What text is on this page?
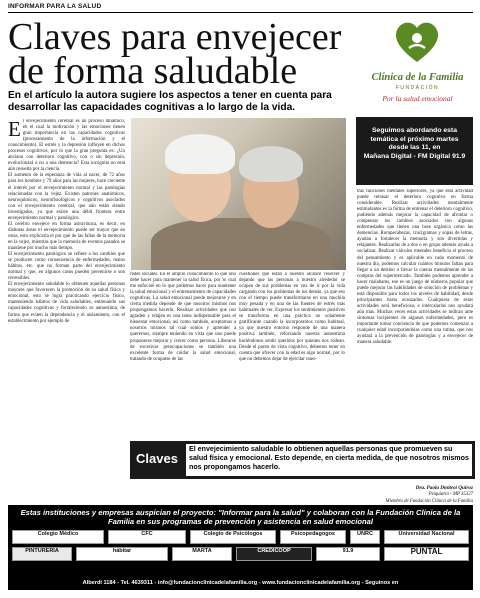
INFORMAR PARA LA SALUD
Claves para envejecer de forma saludable
En el artículo la autora sugiere los aspectos a tener en cuenta para desarrollar las capacidades cognitivas a lo largo de la vida.
Clínica de la Familia
FUNDACIÓN
Por la salud emocional

El envejecimiento cerebral es un proceso dinámico, en el cual la motivación y las emociones tienen gran importancia en las capacidades cognitivas (procesamiento de la información y el conocimiento). El estrés y la depresión influyen en dichos procesos cognitivos, por lo que la gran pregunta es: ¿Un anciano con deterioro cognitivo, con o sin depresión, evolucionará o no a una demencia? Esta incógnita no está aún resuelta por la ciencia.

El aumento de la esperanza de vida al nacer, de 72 años para los hombres y 79 años para las mujeres, hace creciente el interés por el envejecimiento normal y las patologías relacionadas con la vejez. Existen patrones anatómicos, neuroquímicos, neurofisiológicos y cognitivos asociados con el envejecimiento cerebral, que aún están siendo investigados, ya que existe una débil frontera entre envejecimiento normal y patológico.

El cerebro envejece en forma asincrónica, es decir, en distintas áreas el envejecimiento puede ser mayor que en otras, esto explicaría el por qué de las fallas de la memoria en la vejez, mientras que la memoria de eventos pasados se mantiene por mucho más tiempo.

El envejecimiento patológico se refiere a los cambios que se producen como consecuencia de enfermedades, malos hábitos, etc. que no forman parte del envejecimiento normal y que, en algunos casos pueden prevenirse o son reversibles.

El envejecimiento saludable lo obtienen aquellas personas mayores que favorecen la promoción de su salud física y emocional, esto se logra practicando ejercicio físico, manteniendo hábitos de vida saludables, entrenando sus capacidades cognitivas y fortaleciendo su autoestima, de forma que eviten la dependencia y el aislamiento, con el establecimiento por ejemplo de

redes sociales. En el amplio conocimiento lo que uno debe hacer para mantener la salud física, por lo cual me enfocaré en lo que podemos hacer para mantener la salud emocional y el entrenamiento de capacidades cognitivas. La salud emocional puede mejorarse y en cierta medida depende de que nosotros mismos nos propongamos hacerlo. Realizar actividades que nos agraden y relajen es una tarea indispensable para el bienestar emocional, así como también, aceptarnos a nosotros mismos tal cual somos y aprender a querernos, siempre teniendo en vista que uno puede proponerse mejorar y crecer como persona. Liberarse de excesivas preocupaciones se también una excelente forma de cuidar la salud emocional, tratando de ocuparse de las
cuestiones que están a nuestro alcance resolver y dejando que las personas a nuestro alrededor se ocupen de sus problemas en vez de ir por la vida cargando con los problemas de los demás, ya que eso con el tiempo puede transformarse en una mochila muy pesada y en una de las fuentes de estrés más habituales de ver. Expresar los sentimientos positivos se transforma en una práctica no solamente gratificante cuando la incorporamos como habitual, ya que nuestro entorno responde de una manera positiva también, reforzando nuestra autoestima haciéndonos sentir queridos por quienes nos rodean. Desde el punto de vista cognitivo, debemos tener en cuenta que ofrecer con la edad es algo normal, por lo que no debemos dejar de ejercitar nues-
Seguimos abordando esta
temática el próximo martes
desde las 11, en
Mañana Digital - FM Digital 91.9
tras funciones mentales superiores, ya que esta actividad puede retrasar el deterioro cognitivo en forma considerable. Realizar actividades mentalmente estimulantes es la forma de entrenar el deterioro cognitivo, pudiendo además mejorar la capacidad de afrontar o compensar los cambios asociados con algunas enfermedades que tienen una base orgánica como las demencias. Rompecabezas, crucigramas y sopas de letras, ayudan a fortalecer la memoria y son divertidas y relajantes. Realizarlas de a dos o en grupo además ayuda a socializar. Realizar cálculos mentales beneficia el proceso del pensamiento y es aplicable en cada momento de nuestra día, podemos calcular cuántos minutos faltan para llegar a un destino o llevar la cuenta mentalmente de las compras del supermercado. También podemos aprender a hacer malabares, ese es un juego de números popular que puede mejorar las habilidades de solución de problemas y está disponible para todos los niveles de habilidad, desde principiantes hasta avanzados. Cualquiera de estas actividades será beneficiosa, e intercalarlas nos ayudará aún más. Muchas veces estas actividades se indican ante síntomas incipientes de algunas enfermedades, pero es importante tomar conciencia de que podemos comenzar a cualquier edad incorporándolas como una rutina, que nos ayudará a la prevención de patologías y a envejecer de manera saludable.
Claves
El envejecimiento saludable lo obtienen aquellas personas que promueven su salud física y emocional. Esto depende, en cierta medida, de que nosotros mismos nos propongamos hacerlo.
Dra. Paola Dmitroi Quiroz
Psiquiatra - MP 35327
Miembro de Fundación Clínica de la Familia
Estas instituciones y empresas auspician el proyecto: "Informar para la salud" y colaboran con la Fundación Clínica de la Familia en sus programas de prevención y asistencia en salud emocional
Colegio Médico	CFC	Colegio de Psicólogos	Psicopedagogos	UNRC	Universidad Nacional
PINTURERÍA	hábitar	MARTA	CREDICOOP	91.9	PUNTAL
Alberdi 1184 - Tel. 4639311 - info@fundacionclinicadelafamilia.org - www.fundacionclinicadelafamilia.org - Seguinos en
